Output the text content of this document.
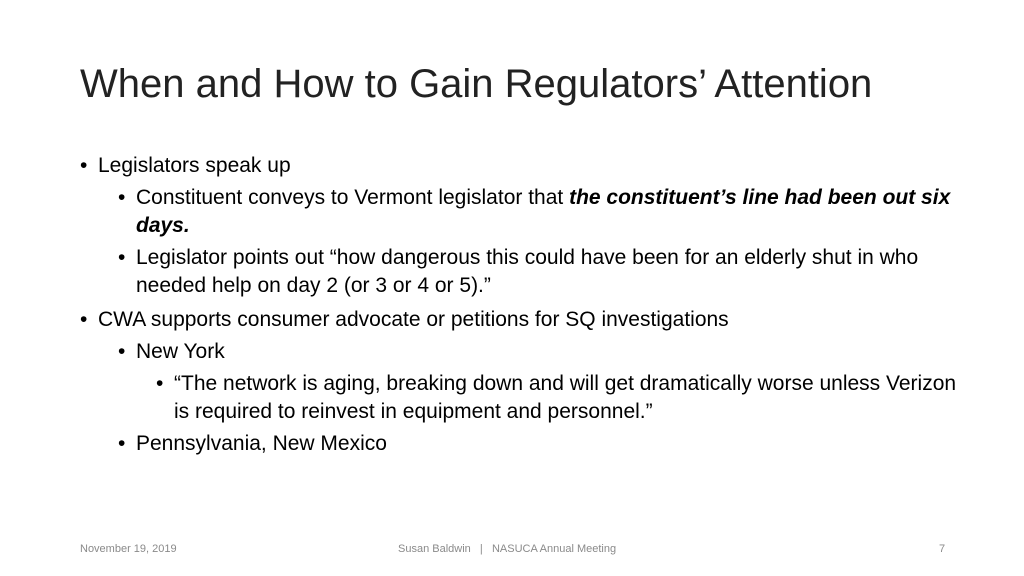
When and How to Gain Regulators’ Attention
• Legislators speak up
• Constituent conveys to Vermont legislator that the constituent’s line had been out six days.
• Legislator points out “how dangerous this could have been for an elderly shut in who needed help on day 2 (or 3 or 4 or 5).”
• CWA supports consumer advocate or petitions for SQ investigations
• New York
• “The network is aging, breaking down and will get dramatically worse unless Verizon is required to reinvest in equipment and personnel.”
• Pennsylvania, New Mexico
November 19, 2019	Susan Baldwin   |   NASUCA Annual Meeting	7
